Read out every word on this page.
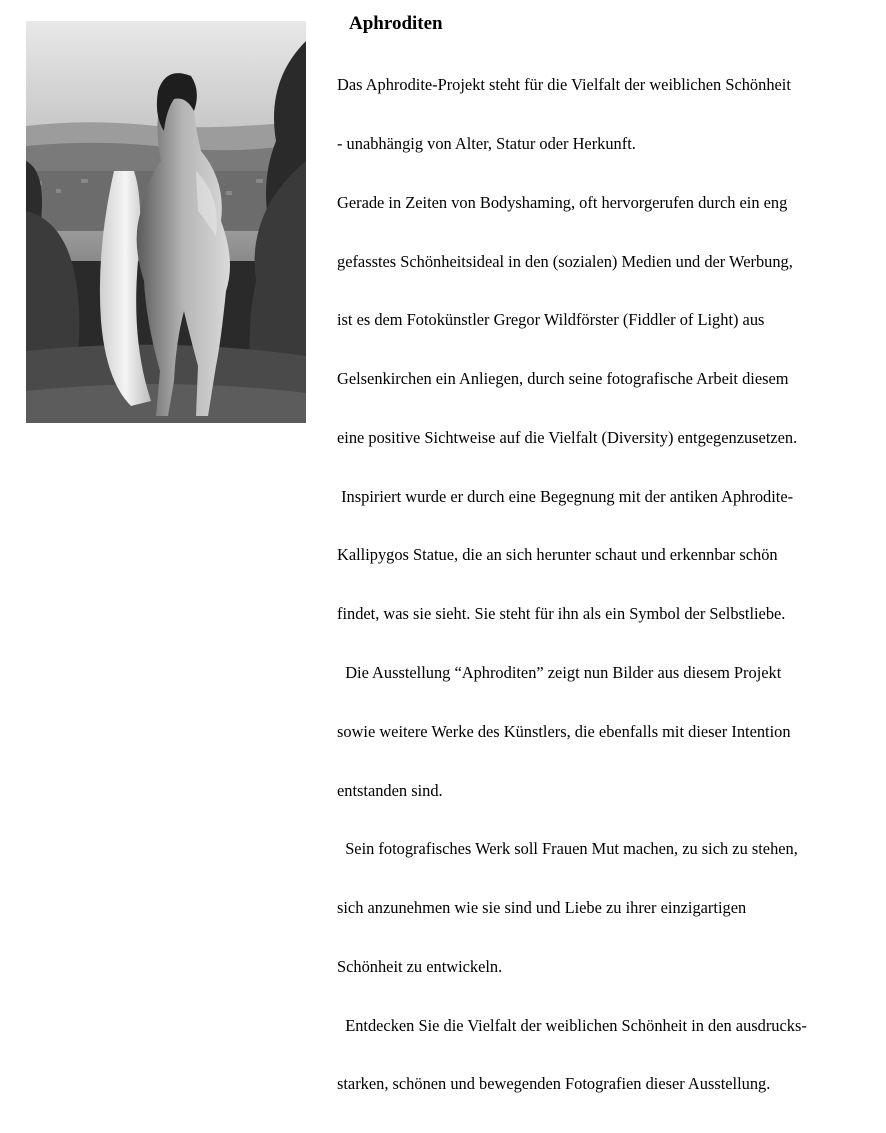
Aphroditen

Das Aphrodite-Projekt steht für die Vielfalt der weiblichen Schönheit

- unabhängig von Alter, Statur oder Herkunft.

Gerade in Zeiten von Bodyshaming, oft hervorgerufen durch ein eng

gefasstes Schönheitsideal in den (sozialen) Medien und der Werbung,

ist es dem Fotokünstler Gregor Wildförster (Fiddler of Light) aus

Gelsenkirchen ein Anliegen, durch seine fotografische Arbeit diesem

eine positive Sichtweise auf die Vielfalt (Diversity) entgegenzusetzen.

Inspiriert wurde er durch eine Begegnung mit der antiken Aphrodite-

Kallipygos Statue, die an sich herunter schaut und erkennbar schön

findet, was sie sieht. Sie steht für ihn als ein Symbol der Selbstliebe.

Die Ausstellung “Aphroditen” zeigt nun Bilder aus diesem Projekt

sowie weitere Werke des Künstlers, die ebenfalls mit dieser Intention

entstanden sind.

Sein fotografisches Werk soll Frauen Mut machen, zu sich zu stehen,

sich anzunehmen wie sie sind und Liebe zu ihrer einzigartigen

Schönheit zu entwickeln.

Entdecken Sie die Vielfalt der weiblichen Schönheit in den ausdrucks-

starken, schönen und bewegenden Fotografien dieser Ausstellung.
